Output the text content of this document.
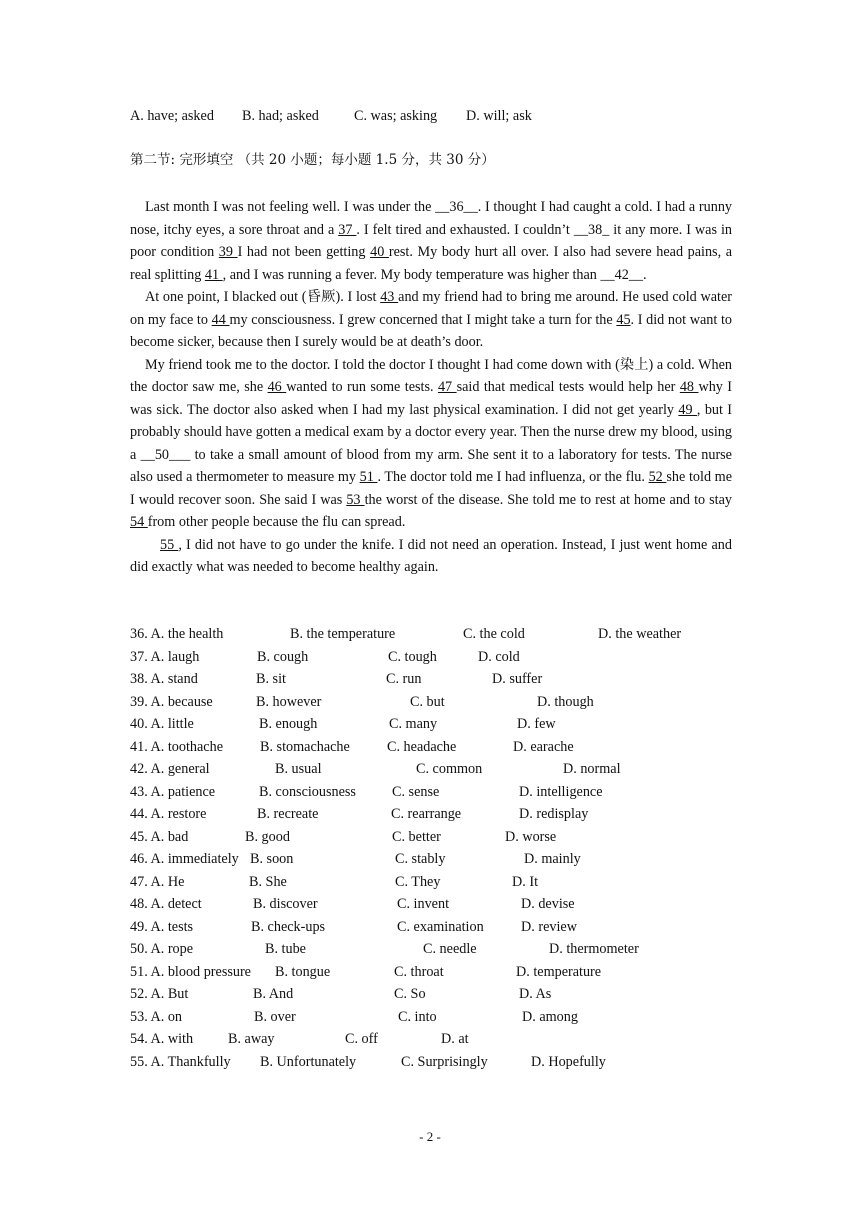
A. have; asked B. had; asked C. was; asking D. will; ask
第二节: 完形填空 （共 20 小题；每小题 1.5 分，共 30 分）

Last month I was not feeling well. I was under the __36__. I thought I had caught a cold. I had a runny nose, itchy eyes, a sore throat and a 37 . I felt tired and exhausted. I couldn’t __38_ it any more. I was in poor condition 39 I had not been getting 40 rest. My body hurt all over. I also had severe head pains, a real splitting 41 , and I was running a fever. My body temperature was higher than __42__.

At one point, I blacked out (昏厥). I lost 43 and my friend had to bring me around. He used cold water on my face to 44 my consciousness. I grew concerned that I might take a turn for the 45. I did not want to become sicker, because then I surely would be at death’s door.

My friend took me to the doctor. I told the doctor I thought I had come down with (染上) a cold. When the doctor saw me, she 46 wanted to run some tests. 47 said that medical tests would help her 48 why I was sick. The doctor also asked when I had my last physical examination. I did not get yearly 49 , but I probably should have gotten a medical exam by a doctor every year. Then the nurse drew my blood, using a __50___ to take a small amount of blood from my arm. She sent it to a laboratory for tests. The nurse also used a thermometer to measure my 51 . The doctor told me I had influenza, or the flu. 52 she told me I would recover soon. She said I was 53 the worst of the disease. She told me to rest at home and to stay 54 from other people because the flu can spread.

55 , I did not have to go under the knife. I did not need an operation. Instead, I just went home and did exactly what was needed to become healthy again.

36. A. the health	B. the temperature	C. the cold	D. the weather
37. A. laugh	B. cough	C. tough	D. cold
38. A. stand	B. sit	C. run	D. suffer
39. A. because	B. however	C. but	D. though
40. A. little	B. enough	C. many	D. few
41. A. toothache	B. stomachache	C. headache	D. earache
42. A. general	B. usual	C. common	D. normal
43. A. patience	B. consciousness	C. sense	D. intelligence
44. A. restore	B. recreate	C. rearrange	D. redisplay
45. A. bad	B. good	C. better	D. worse
46. A. immediately B. soon	C. stably	D. mainly
47. A. He	B. She	C. They	D. It
48. A. detect	B. discover	C. invent	D. devise
49. A. tests	B. check-ups	C. examination	D. review
50. A. rope	B. tube	C. needle	D. thermometer
51. A. blood pressure B. tongue	C. throat	D. temperature
52. A. But	B. And	C. So	D. As
53. A. on	B. over	C. into	D. among
54. A. with B. away	C. off	D. at
55. A. Thankfully B. Unfortunately	C. Surprisingly	D. Hopefully
- 2 -
